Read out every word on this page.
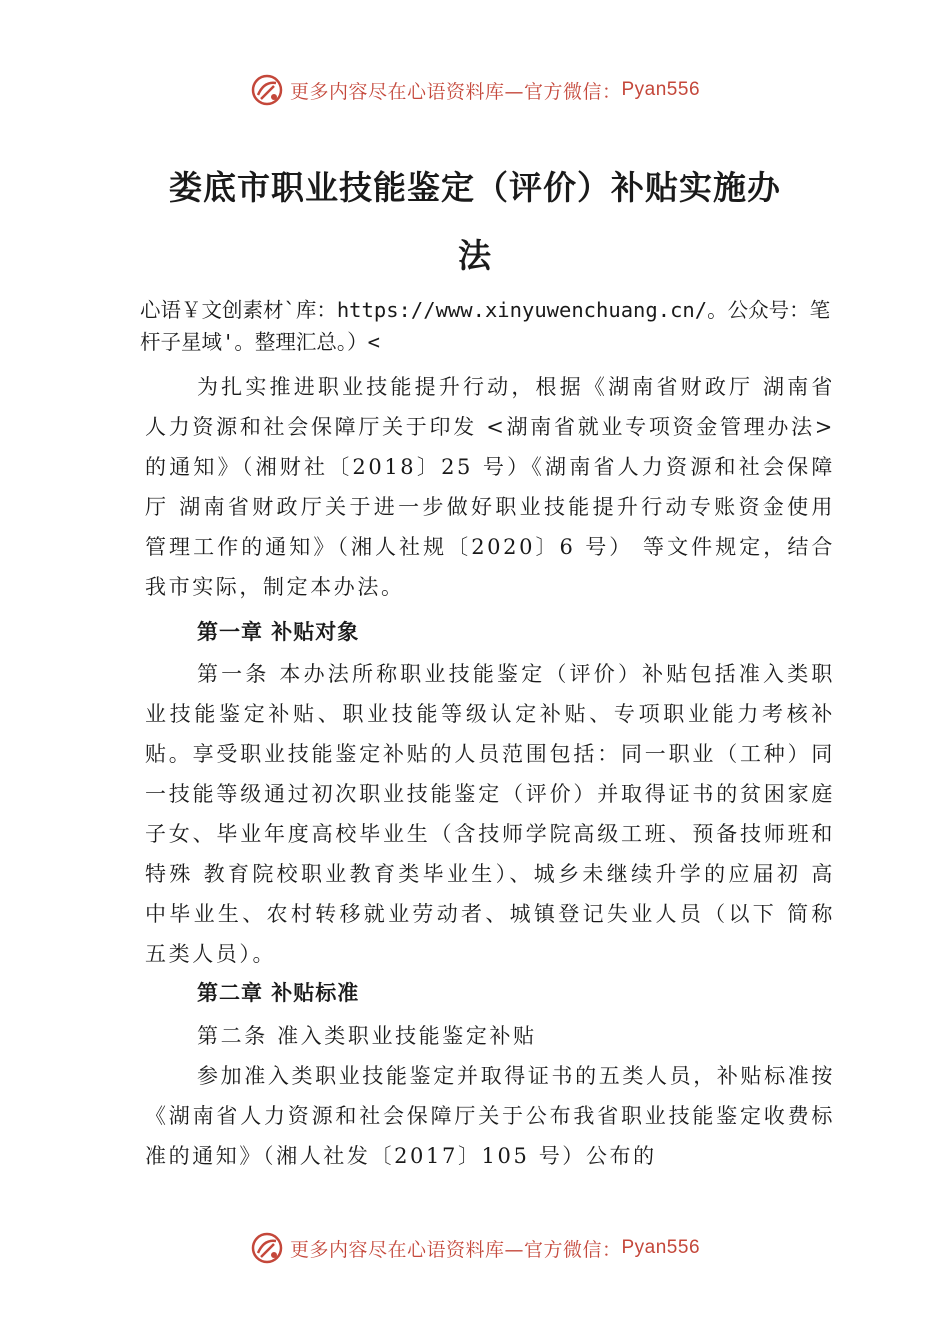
更多内容尽在心语资料库—官方微信： Pyan556
娄底市职业技能鉴定（评价）补贴实施办
法

心语￥文创素材`库：https://www.xinyuwenchuang.cn/。公众号：笔杆子星域'。整理汇总。）<

为扎实推进职业技能提升行动，根据《湖南省财政厅 湖南省人力资源和社会保障厅关于印发 <湖南省就业专项资金管理办法>的通知》（湘财社〔2018〕25 号）《湖南省人力资源和社会保障厅 湖南省财政厅关于进一步做好职业技能提升行动专账资金使用管理工作的通知》（湘人社规〔2020〕6 号） 等文件规定，结合我市实际，制定本办法。

第一章 补贴对象

第一条 本办法所称职业技能鉴定（评价）补贴包括准入类职业技能鉴定补贴、职业技能等级认定补贴、专项职业能力考核补贴。享受职业技能鉴定补贴的人员范围包括：同一职业（工种）同一技能等级通过初次职业技能鉴定（评价）并取得证书的贫困家庭子女、毕业年度高校毕业生（含技师学院高级工班、预备技师班和特殊 教育院校职业教育类毕业生）、城乡未继续升学的应届初 高中毕业生、农村转移就业劳动者、城镇登记失业人员（以下 简称五类人员）。

第二章 补贴标准

第二条 准入类职业技能鉴定补贴

参加准入类职业技能鉴定并取得证书的五类人员，补贴标准按《湖南省人力资源和社会保障厅关于公布我省职业技能鉴定收费标准的通知》（湘人社发〔2017〕105 号）公布的

更多内容尽在心语资料库—官方微信： Pyan556
